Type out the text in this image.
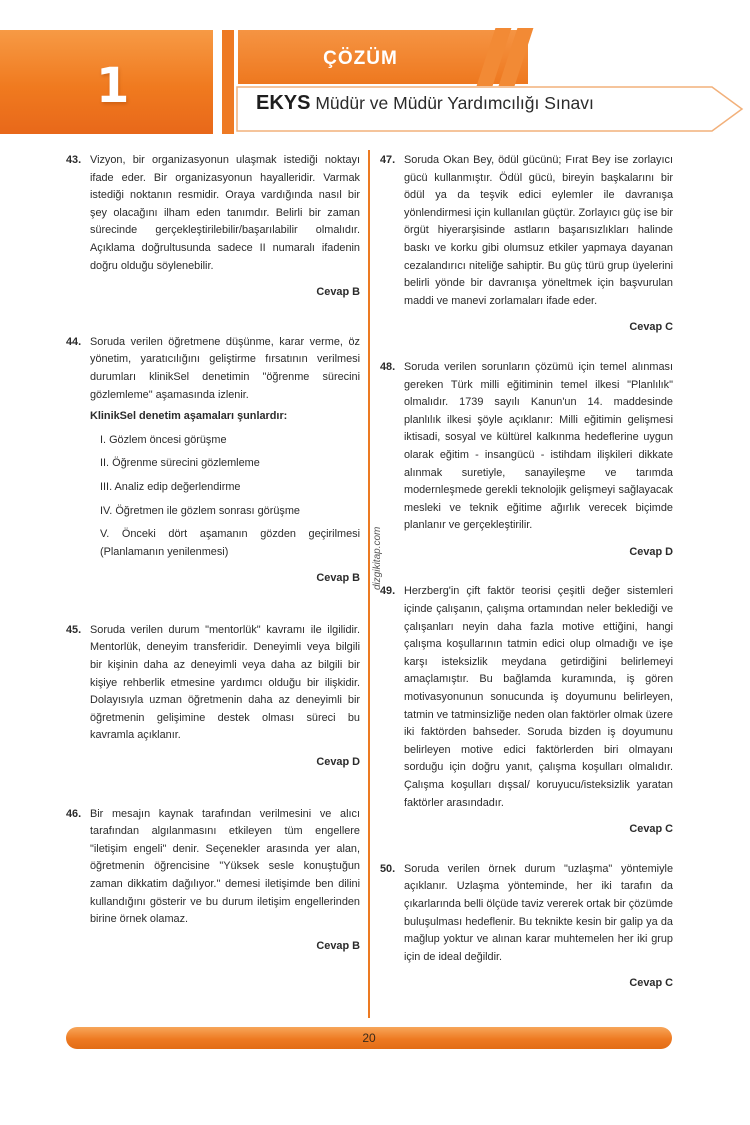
1	ÇÖZÜM
EKYS Müdür ve Müdür Yardımcılığı Sınavı
dizgikitap.com
43. Vizyon, bir organizasyonun ulaşmak istediği noktayı ifade eder. Bir organizasyonun hayalleridir. Varmak istediği noktanın resmidir. Oraya vardığında nasıl bir şey olacağını ilham eden tanımdır. Belirli bir zaman sürecinde gerçekleştirilebilir/başarılabilir olmalıdır. Açıklama doğrultusunda sadece II numaralı ifadenin doğru olduğu söylenebilir.
Cevap B
44. Soruda verilen öğretmene düşünme, karar verme, öz yönetim, yaratıcılığını geliştirme fırsatının verilmesi durumları klinikSel denetimin "öğrenme sürecini gözlemleme" aşamasında izlenir.
KlinikSel denetim aşamaları şunlardır:
I. Gözlem öncesi görüşme
II. Öğrenme sürecini gözlemleme
III. Analiz edip değerlendirme
IV. Öğretmen ile gözlem sonrası görüşme
V. Önceki dört aşamanın gözden geçirilmesi (Planlamanın yenilenmesi)
Cevap B
45. Soruda verilen durum "mentorlük" kavramı ile ilgilidir. Mentorlük, deneyim transferidir. Deneyimli veya bilgili bir kişinin daha az deneyimli veya daha az bilgili bir kişiye rehberlik etmesine yardımcı olduğu bir ilişkidir. Dolayısıyla uzman öğretmenin daha az deneyimli bir öğretmenin gelişimine destek olması süreci bu kavramla açıklanır.
Cevap D
46. Bir mesajın kaynak tarafından verilmesini ve alıcı tarafından algılanmasını etkileyen tüm engellere "iletişim engeli" denir. Seçenekler arasında yer alan, öğretmenin öğrencisine "Yüksek sesle konuştuğun zaman dikkatim dağılıyor." demesi iletişimde ben dilini kullandığını gösterir ve bu durum iletişim engellerinden birine örnek olamaz.
Cevap B
47. Soruda Okan Bey, ödül gücünü; Fırat Bey ise zorlayıcı gücü kullanmıştır. Ödül gücü, bireyin başkalarını bir ödül ya da teşvik edici eylemler ile davranışa yönlendirmesi için kullanılan güçtür. Zorlayıcı güç ise bir örgüt hiyerarşisinde astların başarısızlıkları halinde baskı ve korku gibi olumsuz etkiler yapmaya dayanan cezalandırıcı niteliğe sahiptir. Bu güç türü grup üyelerini belirli yönde bir davranışa yöneltmek için başvurulan maddi ve manevi zorlamaları ifade eder.
Cevap C
48. Soruda verilen sorunların çözümü için temel alınması gereken Türk milli eğitiminin temel ilkesi "Planlılık" olmalıdır. 1739 sayılı Kanun'un 14. maddesinde planlılık ilkesi şöyle açıklanır: Milli eğitimin gelişmesi iktisadi, sosyal ve kültürel kalkınma hedeflerine uygun olarak eğitim - insangücü - istihdam ilişkileri dikkate alınmak suretiyle, sanayileşme ve tarımda modernleşmede gerekli teknolojik gelişmeyi sağlayacak mesleki ve teknik eğitime ağırlık verecek biçimde planlanır ve gerçekleştirilir.
Cevap D
49. Herzberg'in çift faktör teorisi çeşitli değer sistemleri içinde çalışanın, çalışma ortamından neler beklediği ve çalışanları neyin daha fazla motive ettiğini, hangi çalışma koşullarının tatmin edici olup olmadığı ve işe karşı isteksizlik meydana getirdiğini belirlemeyi amaçlamıştır. Bu bağlamda kuramında, iş gören motivasyonunun sonucunda iş doyumunu belirleyen, tatmin ve tatminsizliğe neden olan faktörler olmak üzere iki faktörden bahseder. Soruda bizden iş doyumunu belirleyen motive edici faktörlerden biri olmayanı sorduğu için doğru yanıt, çalışma koşulları olmalıdır. Çalışma koşulları dışsal/ koruyucu/isteksizlik yaratan faktörler arasındadır.
Cevap C
50. Soruda verilen örnek durum "uzlaşma" yöntemiyle açıklanır. Uzlaşma yönteminde, her iki tarafın da çıkarlarında belli ölçüde taviz vererek ortak bir çözümde buluşulması hedeflenir. Bu teknikte kesin bir galip ya da mağlup yoktur ve alınan karar muhtemelen her iki grup için de ideal değildir.
Cevap C
20
